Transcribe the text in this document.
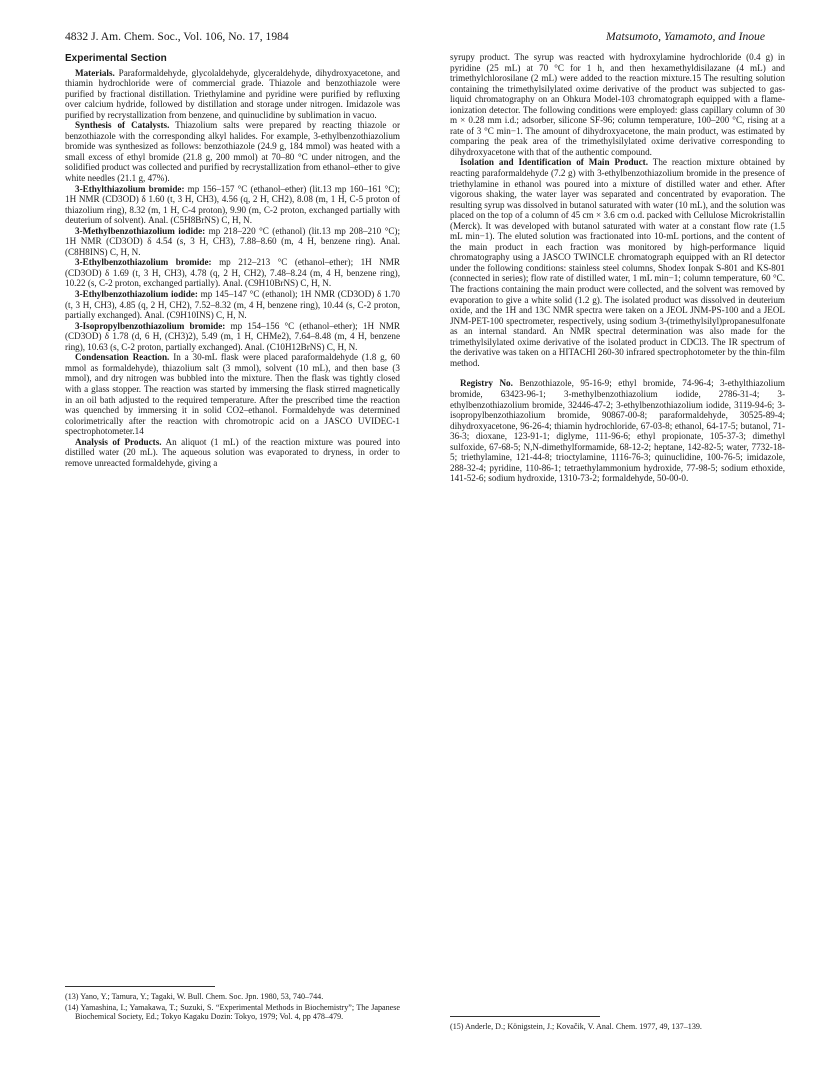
4832 J. Am. Chem. Soc., Vol. 106, No. 17, 1984	Matsumoto, Yamamoto, and Inoue
Experimental Section

Materials. Paraformaldehyde, glycolaldehyde, glyceraldehyde, dihydroxyacetone, and thiamin hydrochloride were of commercial grade. Thiazole and benzothiazole were purified by fractional distillation. Triethylamine and pyridine were purified by refluxing over calcium hydride, followed by distillation and storage under nitrogen. Imidazole was purified by recrystallization from benzene, and quinuclidine by sublimation in vacuo.

Synthesis of Catalysts. Thiazolium salts were prepared by reacting thiazole or benzothiazole with the corresponding alkyl halides. For example, 3-ethylbenzothiazolium bromide was synthesized as follows: benzothiazole (24.9 g, 184 mmol) was heated with a small excess of ethyl bromide (21.8 g, 200 mmol) at 70–80 °C under nitrogen, and the solidified product was collected and purified by recrystallization from ethanol–ether to give white needles (21.1 g, 47%).

3-Ethylthiazolium bromide: mp 156–157 °C (ethanol–ether) (lit.13 mp 160–161 °C); 1H NMR (CD3OD) δ 1.60 (t, 3 H, CH3), 4.56 (q, 2 H, CH2), 8.08 (m, 1 H, C-5 proton of thiazolium ring), 8.32 (m, 1 H, C-4 proton), 9.90 (m, C-2 proton, exchanged partially with deuterium of solvent). Anal. (C5H8BrNS) C, H, N.

3-Methylbenzothiazolium iodide: mp 218–220 °C (ethanol) (lit.13 mp 208–210 °C); 1H NMR (CD3OD) δ 4.54 (s, 3 H, CH3), 7.88–8.60 (m, 4 H, benzene ring). Anal. (C8H8INS) C, H, N.

3-Ethylbenzothiazolium bromide: mp 212–213 °C (ethanol–ether); 1H NMR (CD3OD) δ 1.69 (t, 3 H, CH3), 4.78 (q, 2 H, CH2), 7.48–8.24 (m, 4 H, benzene ring), 10.22 (s, C-2 proton, exchanged partially). Anal. (C9H10BrNS) C, H, N.

3-Ethylbenzothiazolium iodide: mp 145–147 °C (ethanol); 1H NMR (CD3OD) δ 1.70 (t, 3 H, CH3), 4.85 (q, 2 H, CH2), 7.52–8.32 (m, 4 H, benzene ring), 10.44 (s, C-2 proton, partially exchanged). Anal. (C9H10INS) C, H, N.

3-Isopropylbenzothiazolium bromide: mp 154–156 °C (ethanol–ether); 1H NMR (CD3OD) δ 1.78 (d, 6 H, (CH3)2), 5.49 (m, 1 H, CHMe2), 7.64–8.48 (m, 4 H, benzene ring), 10.63 (s, C-2 proton, partially exchanged). Anal. (C10H12BrNS) C, H, N.

Condensation Reaction. In a 30-mL flask were placed paraformaldehyde (1.8 g, 60 mmol as formaldehyde), thiazolium salt (3 mmol), solvent (10 mL), and then base (3 mmol), and dry nitrogen was bubbled into the mixture. Then the flask was tightly closed with a glass stopper. The reaction was started by immersing the flask stirred magnetically in an oil bath adjusted to the required temperature. After the prescribed time the reaction was quenched by immersing it in solid CO2–ethanol. Formaldehyde was determined colorimetrically after the reaction with chromotropic acid on a JASCO UVIDEC-1 spectrophotometer.14

Analysis of Products. An aliquot (1 mL) of the reaction mixture was poured into distilled water (20 mL). The aqueous solution was evaporated to dryness, in order to remove unreacted formaldehyde, giving a

(13) Yano, Y.; Tamura, Y.; Tagaki, W. Bull. Chem. Soc. Jpn. 1980, 53, 740–744.

(14) Yamashina, I.; Yamakawa, T.; Suzuki, S. “Experimental Methods in Biochemistry”; The Japanese Biochemical Society, Ed.; Tokyo Kagaku Dozin: Tokyo, 1979; Vol. 4, pp 478–479.

syrupy product. The syrup was reacted with hydroxylamine hydrochloride (0.4 g) in pyridine (25 mL) at 70 °C for 1 h, and then hexamethyldisilazane (4 mL) and trimethylchlorosilane (2 mL) were added to the reaction mixture.15 The resulting solution containing the trimethylsilylated oxime derivative of the product was subjected to gas-liquid chromatography on an Ohkura Model-103 chromatograph equipped with a flame-ionization detector. The following conditions were employed: glass capillary column of 30 m × 0.28 mm i.d.; adsorber, silicone SF-96; column temperature, 100–200 °C, rising at a rate of 3 °C min−1. The amount of dihydroxyacetone, the main product, was estimated by comparing the peak area of the trimethylsilylated oxime derivative corresponding to dihydroxyacetone with that of the authentic compound.

Isolation and Identification of Main Product. The reaction mixture obtained by reacting paraformaldehyde (7.2 g) with 3-ethylbenzothiazolium bromide in the presence of triethylamine in ethanol was poured into a mixture of distilled water and ether. After vigorous shaking, the water layer was separated and concentrated by evaporation. The resulting syrup was dissolved in butanol saturated with water (10 mL), and the solution was placed on the top of a column of 45 cm × 3.6 cm o.d. packed with Cellulose Microkristallin (Merck). It was developed with butanol saturated with water at a constant flow rate (1.5 mL min−1). The eluted solution was fractionated into 10-mL portions, and the content of the main product in each fraction was monitored by high-performance liquid chromatography using a JASCO TWINCLE chromatograph equipped with an RI detector under the following conditions: stainless steel columns, Shodex Ionpak S-801 and KS-801 (connected in series); flow rate of distilled water, 1 mL min−1; column temperature, 60 °C. The fractions containing the main product were collected, and the solvent was removed by evaporation to give a white solid (1.2 g). The isolated product was dissolved in deuterium oxide, and the 1H and 13C NMR spectra were taken on a JEOL JNM-PS-100 and a JEOL JNM-PET-100 spectrometer, respectively, using sodium 3-(trimethylsilyl)propanesulfonate as an internal standard. An NMR spectral determination was also made for the trimethylsilylated oxime derivative of the isolated product in CDCl3. The IR spectrum of the derivative was taken on a HITACHI 260-30 infrared spectrophotometer by the thin-film method.

Registry No. Benzothiazole, 95-16-9; ethyl bromide, 74-96-4; 3-ethylthiazolium bromide, 63423-96-1; 3-methylbenzothiazolium iodide, 2786-31-4; 3-ethylbenzothiazolium bromide, 32446-47-2; 3-ethylbenzothiazolium iodide, 3119-94-6; 3-isopropylbenzothiazolium bromide, 90867-00-8; paraformaldehyde, 30525-89-4; dihydroxyacetone, 96-26-4; thiamin hydrochloride, 67-03-8; ethanol, 64-17-5; butanol, 71-36-3; dioxane, 123-91-1; diglyme, 111-96-6; ethyl propionate, 105-37-3; dimethyl sulfoxide, 67-68-5; N,N-dimethylformamide, 68-12-2; heptane, 142-82-5; water, 7732-18-5; triethylamine, 121-44-8; trioctylamine, 1116-76-3; quinuclidine, 100-76-5; imidazole, 288-32-4; pyridine, 110-86-1; tetraethylammonium hydroxide, 77-98-5; sodium ethoxide, 141-52-6; sodium hydroxide, 1310-73-2; formaldehyde, 50-00-0.

(15) Anderle, D.; Königstein, J.; Kovačik, V. Anal. Chem. 1977, 49, 137–139.
